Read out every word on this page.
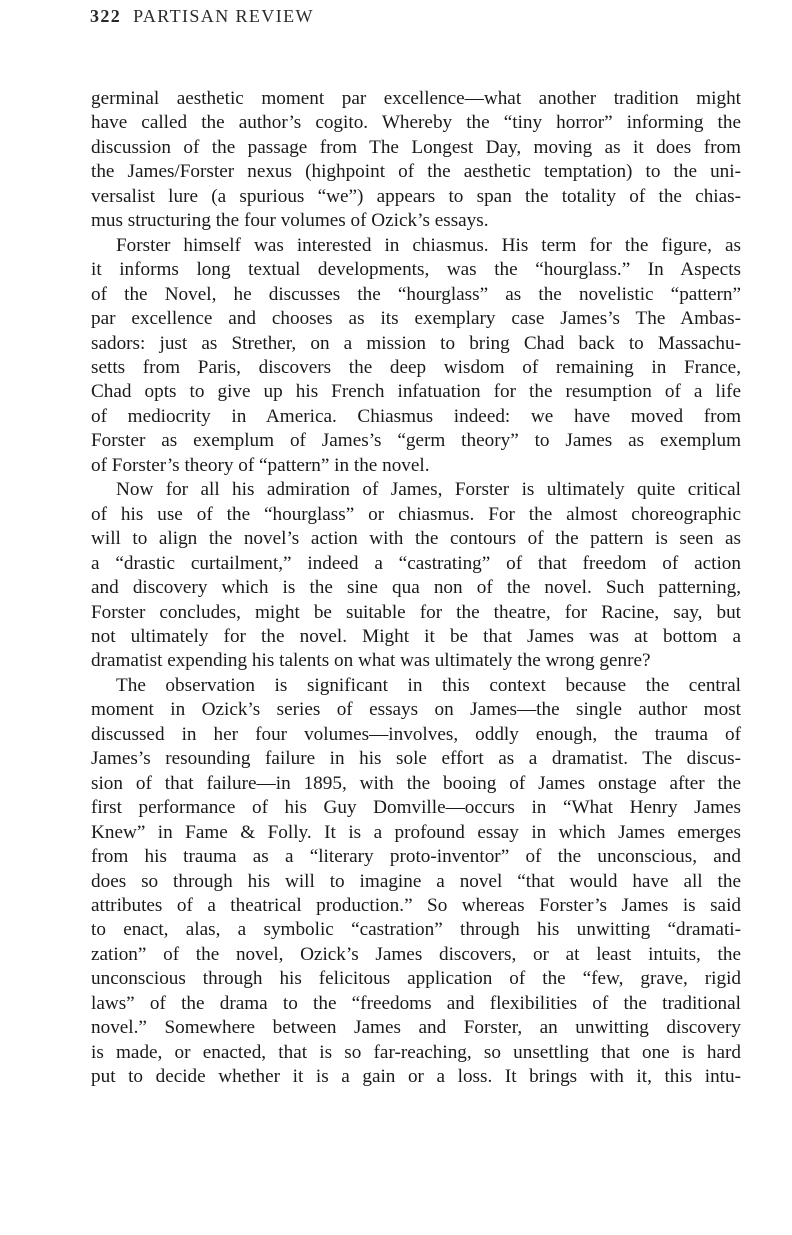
322 PARTISAN REVIEW
germinal aesthetic moment par excellence—what another tradition might
have called the author’s cogito. Whereby the “tiny horror” informing the
discussion of the passage from The Longest Day, moving as it does from
the James/Forster nexus (highpoint of the aesthetic temptation) to the uni-
versalist lure (a spurious “we”) appears to span the totality of the chias-
mus structuring the four volumes of Ozick’s essays.
Forster himself was interested in chiasmus. His term for the figure, as
it informs long textual developments, was the “hourglass.” In Aspects
of the Novel, he discusses the “hourglass” as the novelistic “pattern”
par excellence and chooses as its exemplary case James’s The Ambas-
sadors: just as Strether, on a mission to bring Chad back to Massachu-
setts from Paris, discovers the deep wisdom of remaining in France,
Chad opts to give up his French infatuation for the resumption of a life
of mediocrity in America. Chiasmus indeed: we have moved from
Forster as exemplum of James’s “germ theory” to James as exemplum
of Forster’s theory of “pattern” in the novel.
Now for all his admiration of James, Forster is ultimately quite critical
of his use of the “hourglass” or chiasmus. For the almost choreographic
will to align the novel’s action with the contours of the pattern is seen as
a “drastic curtailment,” indeed a “castrating” of that freedom of action
and discovery which is the sine qua non of the novel. Such patterning,
Forster concludes, might be suitable for the theatre, for Racine, say, but
not ultimately for the novel. Might it be that James was at bottom a
dramatist expending his talents on what was ultimately the wrong genre?
The observation is significant in this context because the central
moment in Ozick’s series of essays on James—the single author most
discussed in her four volumes—involves, oddly enough, the trauma of
James’s resounding failure in his sole effort as a dramatist. The discus-
sion of that failure—in 1895, with the booing of James onstage after the
first performance of his Guy Domville—occurs in “What Henry James
Knew” in Fame & Folly. It is a profound essay in which James emerges
from his trauma as a “literary proto-inventor” of the unconscious, and
does so through his will to imagine a novel “that would have all the
attributes of a theatrical production.” So whereas Forster’s James is said
to enact, alas, a symbolic “castration” through his unwitting “dramati-
zation” of the novel, Ozick’s James discovers, or at least intuits, the
unconscious through his felicitous application of the “few, grave, rigid
laws” of the drama to the “freedoms and flexibilities of the traditional
novel.” Somewhere between James and Forster, an unwitting discovery
is made, or enacted, that is so far-reaching, so unsettling that one is hard
put to decide whether it is a gain or a loss. It brings with it, this intu-
